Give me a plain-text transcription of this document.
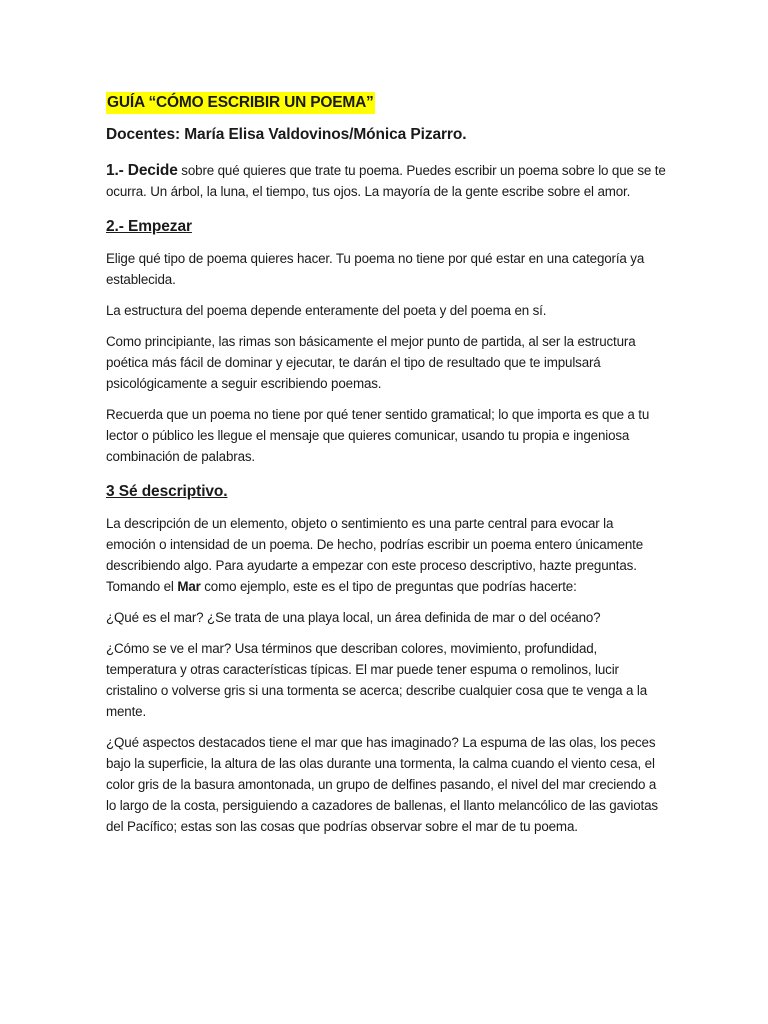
GUÍA “CÓMO ESCRIBIR UN POEMA”
Docentes: María Elisa Valdovinos/Mónica Pizarro.

1.- Decide sobre qué quieres que trate tu poema. Puedes escribir un poema sobre lo que se te ocurra. Un árbol, la luna, el tiempo, tus ojos. La mayoría de la gente escribe sobre el amor.

2.- Empezar

Elige qué tipo de poema quieres hacer. Tu poema no tiene por qué estar en una categoría ya establecida.

La estructura del poema depende enteramente del poeta y del poema en sí.

Como principiante, las rimas son básicamente el mejor punto de partida, al ser la estructura poética más fácil de dominar y ejecutar, te darán el tipo de resultado que te impulsará psicológicamente a seguir escribiendo poemas.

Recuerda que un poema no tiene por qué tener sentido gramatical; lo que importa es que a tu lector o público les llegue el mensaje que quieres comunicar, usando tu propia e ingeniosa combinación de palabras.

3 Sé descriptivo.

La descripción de un elemento, objeto o sentimiento es una parte central para evocar la emoción o intensidad de un poema. De hecho, podrías escribir un poema entero únicamente describiendo algo. Para ayudarte a empezar con este proceso descriptivo, hazte preguntas. Tomando el Mar como ejemplo, este es el tipo de preguntas que podrías hacerte:

¿Qué es el mar? ¿Se trata de una playa local, un área definida de mar o del océano?

¿Cómo se ve el mar? Usa términos que describan colores, movimiento, profundidad, temperatura y otras características típicas. El mar puede tener espuma o remolinos, lucir cristalino o volverse gris si una tormenta se acerca; describe cualquier cosa que te venga a la mente.

¿Qué aspectos destacados tiene el mar que has imaginado? La espuma de las olas, los peces bajo la superficie, la altura de las olas durante una tormenta, la calma cuando el viento cesa, el color gris de la basura amontonada, un grupo de delfines pasando, el nivel del mar creciendo a lo largo de la costa, persiguiendo a cazadores de ballenas, el llanto melancólico de las gaviotas del Pacífico; estas son las cosas que podrías observar sobre el mar de tu poema.
